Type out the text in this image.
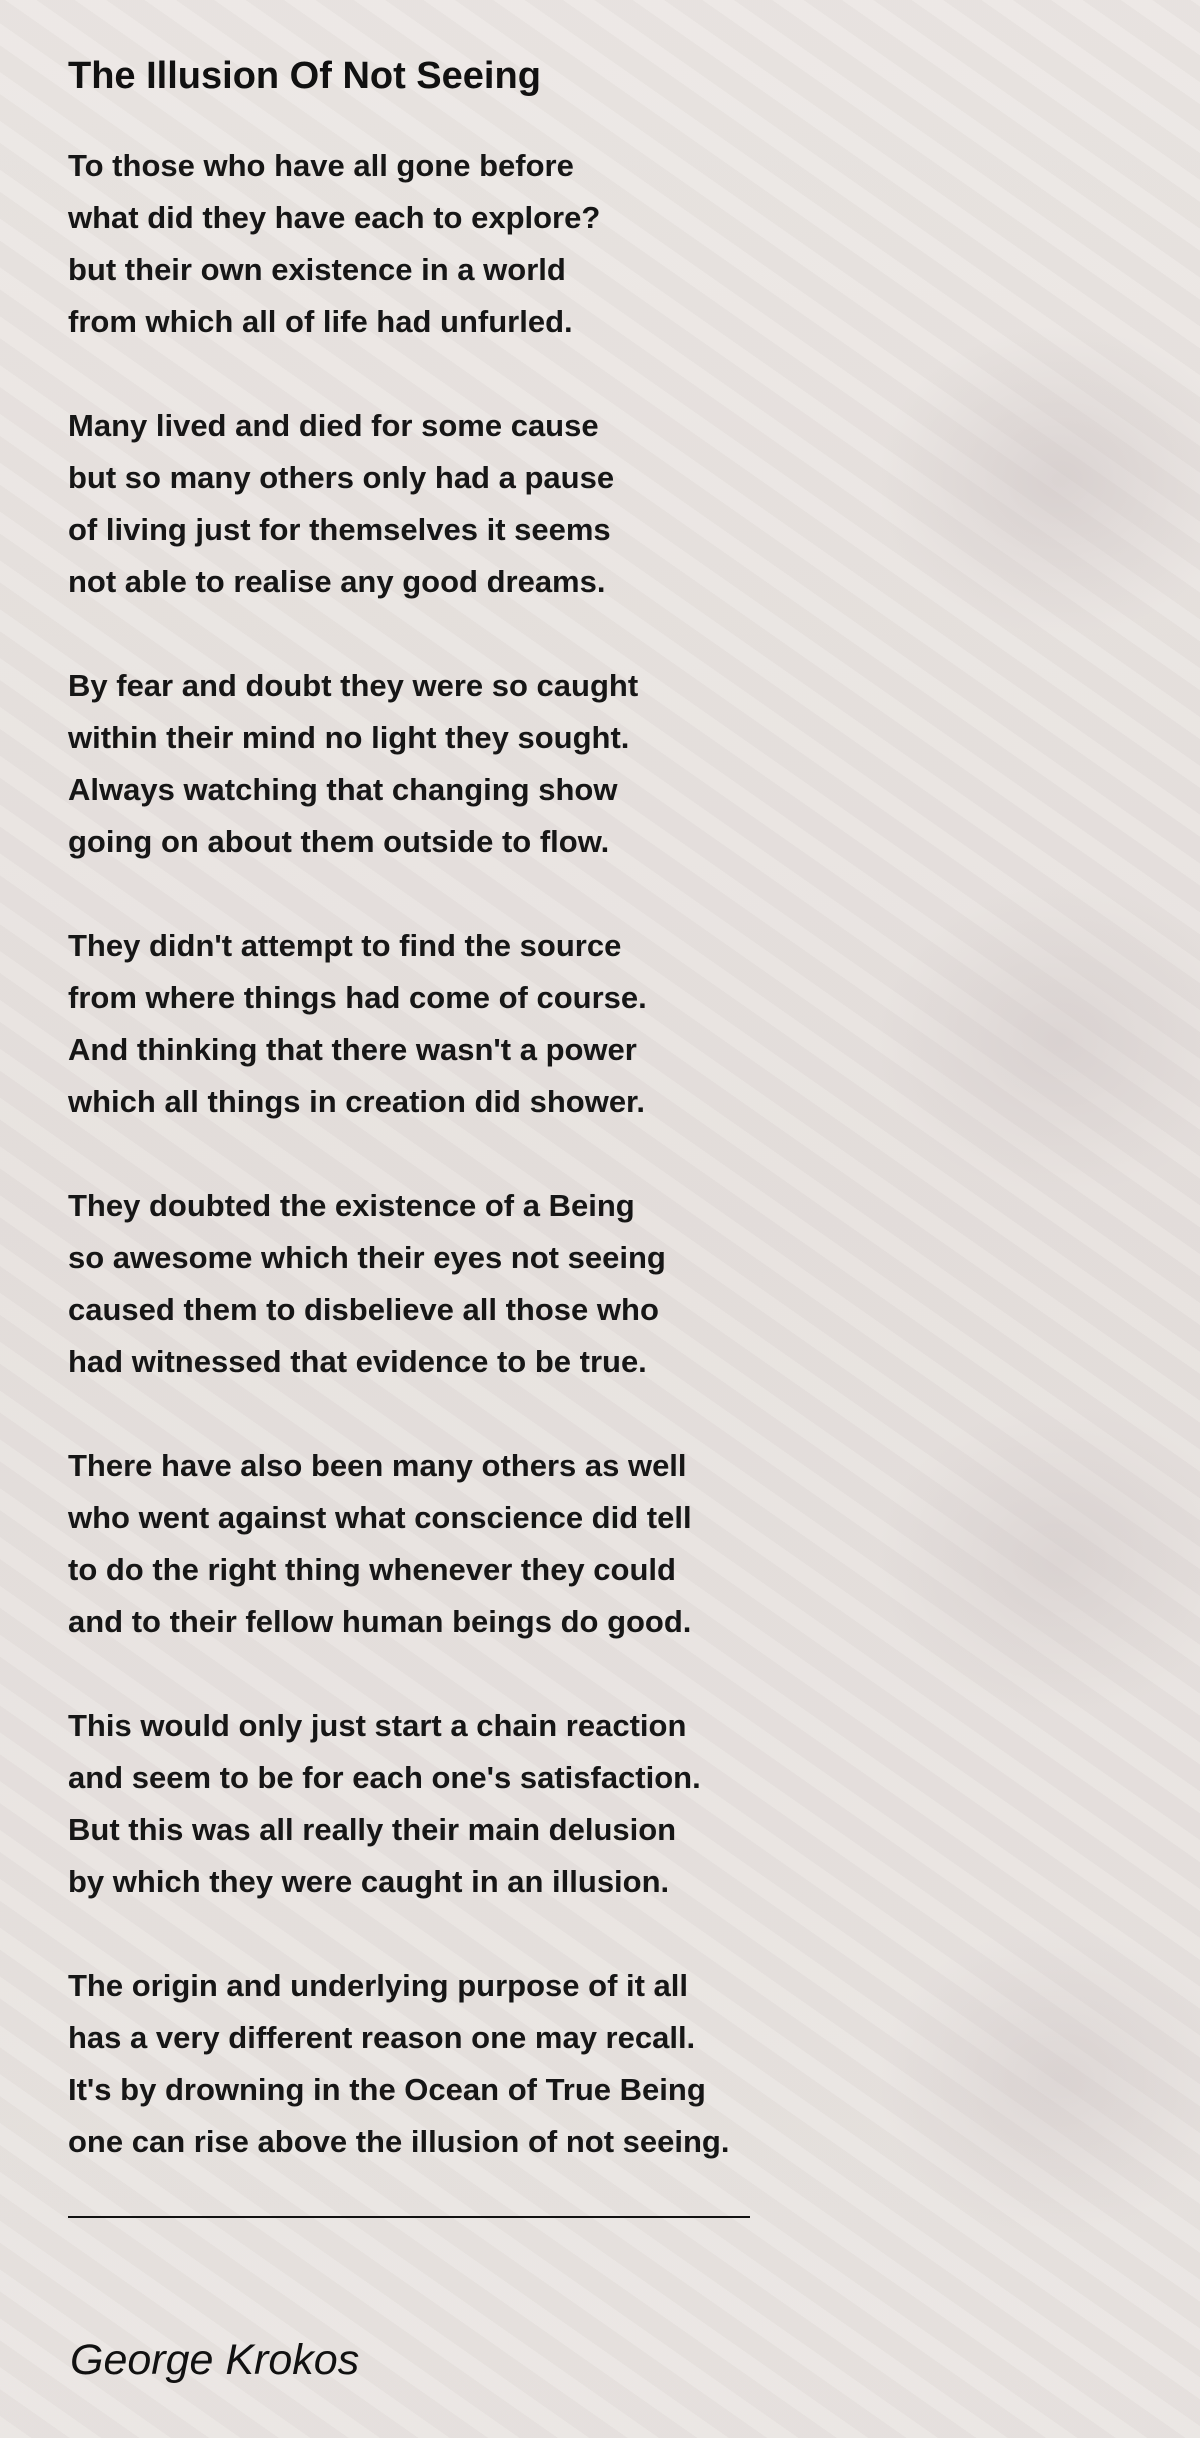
The Illusion Of Not Seeing
To those who have all gone before
what did they have each to explore?
but their own existence in a world
from which all of life had unfurled.
Many lived and died for some cause
but so many others only had a pause
of living just for themselves it seems
not able to realise any good dreams.
By fear and doubt they were so caught
within their mind no light they sought.
Always watching that changing show
going on about them outside to flow.
They didn't attempt to find the source
from where things had come of course.
And thinking that there wasn't a power
which all things in creation did shower.
They doubted the existence of a Being
so awesome which their eyes not seeing
caused them to disbelieve all those who
had witnessed that evidence to be true.
There have also been many others as well
who went against what conscience did tell
to do the right thing whenever they could
and to their fellow human beings do good.
This would only just start a chain reaction
and seem to be for each one's satisfaction.
But this was all really their main delusion
by which they were caught in an illusion.
The origin and underlying purpose of it all
has a very different reason one may recall.
It's by drowning in the Ocean of True Being
one can rise above the illusion of not seeing.
George Krokos
